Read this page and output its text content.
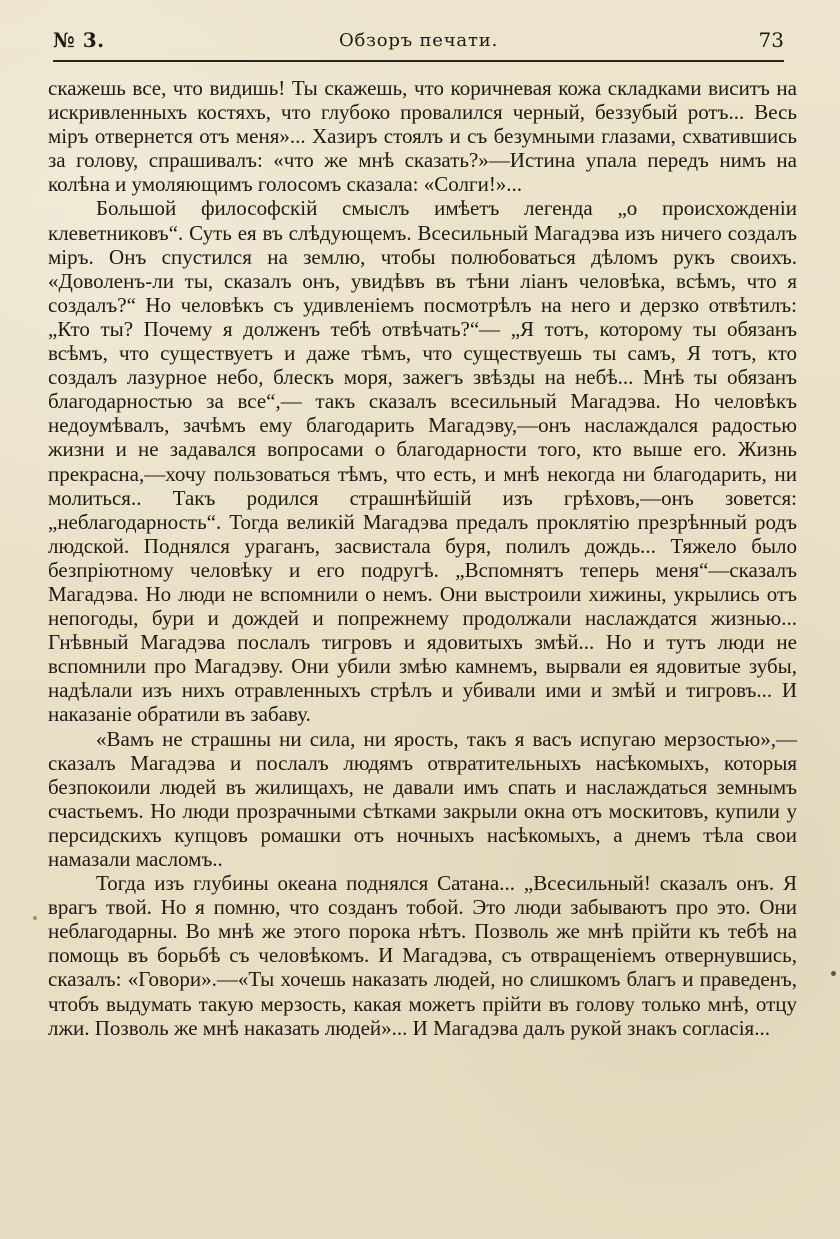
№ 3.	Обзоръ печати.	73

скажешь все, что видишь! Ты скажешь, что коричневая кожа складками виситъ на искривленныхъ костяхъ, что глубоко провалился черный, беззубый ротъ... Весь міръ отвернется отъ меня»... Хазиръ стоялъ и съ безумными глазами, схватившись за голову, спрашивалъ: «что же мнѣ сказать?»—Истина упала передъ нимъ на колѣна и умоляющимъ голосомъ сказала: «Солги!»...

Большой философскій смыслъ имѣетъ легенда „о происхожденіи клеветниковъ“. Суть ея въ слѣдующемъ. Всесильный Магадэва изъ ничего создалъ міръ. Онъ спустился на землю, чтобы полюбоваться дѣломъ рукъ своихъ. «Доволенъ-ли ты, сказалъ онъ, увидѣвъ въ тѣни ліанъ человѣка, всѣмъ, что я создалъ?“ Но человѣкъ съ удивленіемъ посмотрѣлъ на него и дерзко отвѣтилъ: „Кто ты? Почему я долженъ тебѣ отвѣчать?“— „Я тотъ, которому ты обязанъ всѣмъ, что существуетъ и даже тѣмъ, что существуешь ты самъ, Я тотъ, кто создалъ лазурное небо, блескъ моря, зажегъ звѣзды на небѣ... Мнѣ ты обязанъ благодарностью за все“,— такъ сказалъ всесильный Магадэва. Но человѣкъ недоумѣвалъ, зачѣмъ ему благодарить Магадэву,—онъ наслаждался радостью жизни и не задавался вопросами о благодарности того, кто выше его. Жизнь прекрасна,—хочу пользоваться тѣмъ, что есть, и мнѣ некогда ни благодарить, ни молиться.. Такъ родился страшнѣйшій изъ грѣховъ,—онъ зовется: „неблагодарность“. Тогда великій Магадэва предалъ проклятію презрѣнный родъ людской. Поднялся ураганъ, засвистала буря, полилъ дождь... Тяжело было безпріютному человѣку и его подругѣ. „Вспомнятъ теперь меня“—сказалъ Магадэва. Но люди не вспомнили о немъ. Они выстроили хижины, укрылись отъ непогоды, бури и дождей и попрежнему продолжали наслаждатся жизнью... Гнѣвный Магадэва послалъ тигровъ и ядовитыхъ змѣй... Но и тутъ люди не вспомнили про Магадэву. Они убили змѣю камнемъ, вырвали ея ядовитые зубы, надѣлали изъ нихъ отравленныхъ стрѣлъ и убивали ими и змѣй и тигровъ... И наказаніе обратили въ забаву.

«Вамъ не страшны ни сила, ни ярость, такъ я васъ испугаю мерзостью»,—сказалъ Магадэва и послалъ людямъ отвратительныхъ насѣкомыхъ, которыя безпокоили людей въ жилищахъ, не давали имъ спать и наслаждаться земнымъ счастьемъ. Но люди прозрачными сѣтками закрыли окна отъ москитовъ, купили у персидскихъ купцовъ ромашки отъ ночныхъ насѣкомыхъ, а днемъ тѣла свои намазали масломъ..

Тогда изъ глубины океана поднялся Сатана... „Всесильный! сказалъ онъ. Я врагъ твой. Но я помню, что созданъ тобой. Это люди забываютъ про это. Они неблагодарны. Во мнѣ же этого порока нѣтъ. Позволь же мнѣ прійти къ тебѣ на помощь въ борьбѣ съ человѣкомъ. И Магадэва, съ отвращеніемъ отвернувшись, сказалъ: «Говори».—«Ты хочешь наказать людей, но слишкомъ благъ и праведенъ, чтобъ выдумать такую мерзость, какая можетъ прійти въ голову только мнѣ, отцу лжи. Позволь же мнѣ наказать людей»... И Магадэва далъ рукой знакъ согласія...
